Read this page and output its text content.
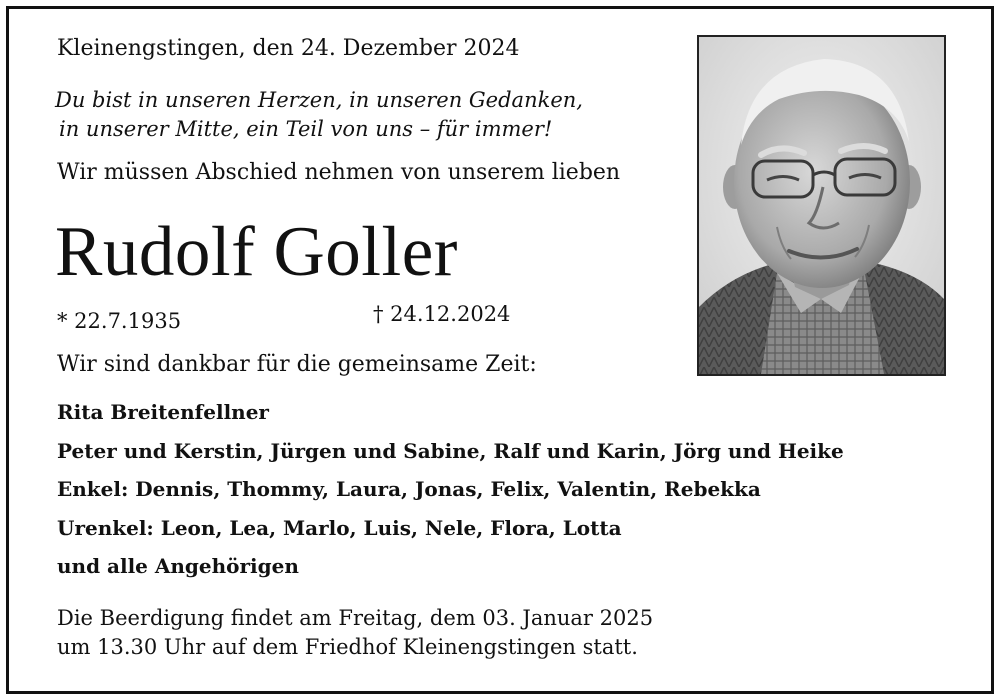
Kleinengstingen, den 24. Dezember 2024
Du bist in unseren Herzen, in unseren Gedanken,
in unserer Mitte, ein Teil von uns – für immer!
Wir müssen Abschied nehmen von unserem lieben
Rudolf Goller
* 22.7.1935	† 24.12.2024
Wir sind dankbar für die gemeinsame Zeit:
Rita Breitenfellner
Peter und Kerstin, Jürgen und Sabine, Ralf und Karin, Jörg und Heike
Enkel: Dennis, Thommy, Laura, Jonas, Felix, Valentin, Rebekka
Urenkel: Leon, Lea, Marlo, Luis, Nele, Flora, Lotta
und alle Angehörigen
Die Beerdigung findet am Freitag, dem 03. Januar 2025
um 13.30 Uhr auf dem Friedhof Kleinengstingen statt.
